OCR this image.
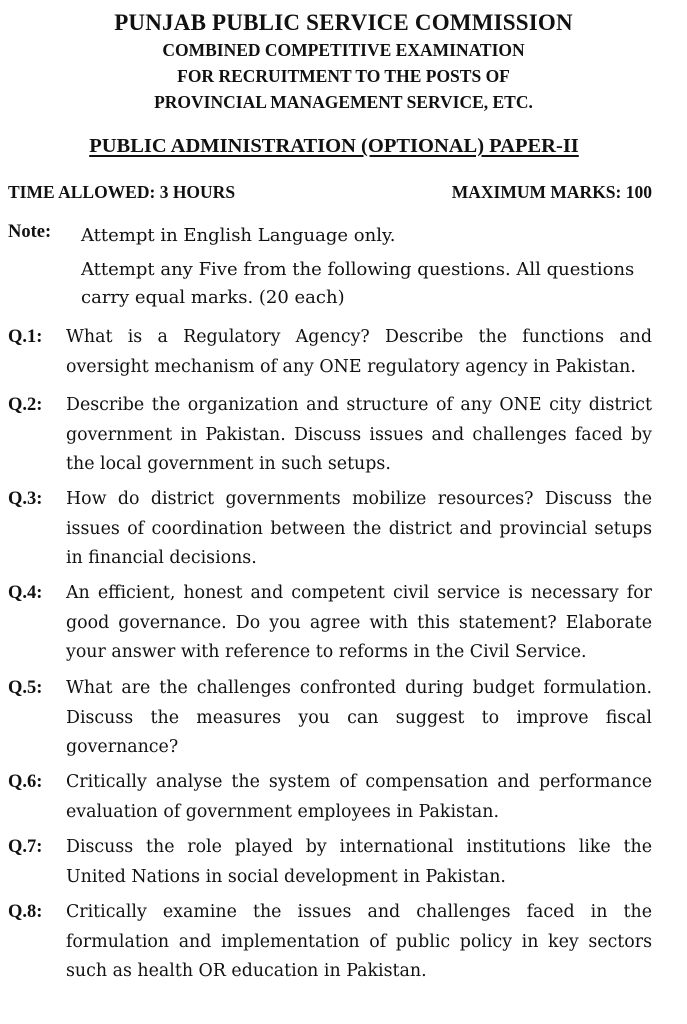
PUNJAB PUBLIC SERVICE COMMISSION
COMBINED COMPETITIVE EXAMINATION
FOR RECRUITMENT TO THE POSTS OF
PROVINCIAL MANAGEMENT SERVICE, ETC.
PUBLIC ADMINISTRATION (OPTIONAL) PAPER-II
TIME ALLOWED: 3 HOURS	MAXIMUM MARKS: 100
Note: Attempt in English Language only.
Attempt any Five from the following questions. All questions carry equal marks. (20 each)
Q.1: What is a Regulatory Agency? Describe the functions and oversight mechanism of any ONE regulatory agency in Pakistan.
Q.2: Describe the organization and structure of any ONE city district government in Pakistan. Discuss issues and challenges faced by the local government in such setups.
Q.3: How do district governments mobilize resources? Discuss the issues of coordination between the district and provincial setups in financial decisions.
Q.4: An efficient, honest and competent civil service is necessary for good governance. Do you agree with this statement? Elaborate your answer with reference to reforms in the Civil Service.
Q.5: What are the challenges confronted during budget formulation. Discuss the measures you can suggest to improve fiscal governance?
Q.6: Critically analyse the system of compensation and performance evaluation of government employees in Pakistan.
Q.7: Discuss the role played by international institutions like the United Nations in social development in Pakistan.
Q.8: Critically examine the issues and challenges faced in the formulation and implementation of public policy in key sectors such as health OR education in Pakistan.
